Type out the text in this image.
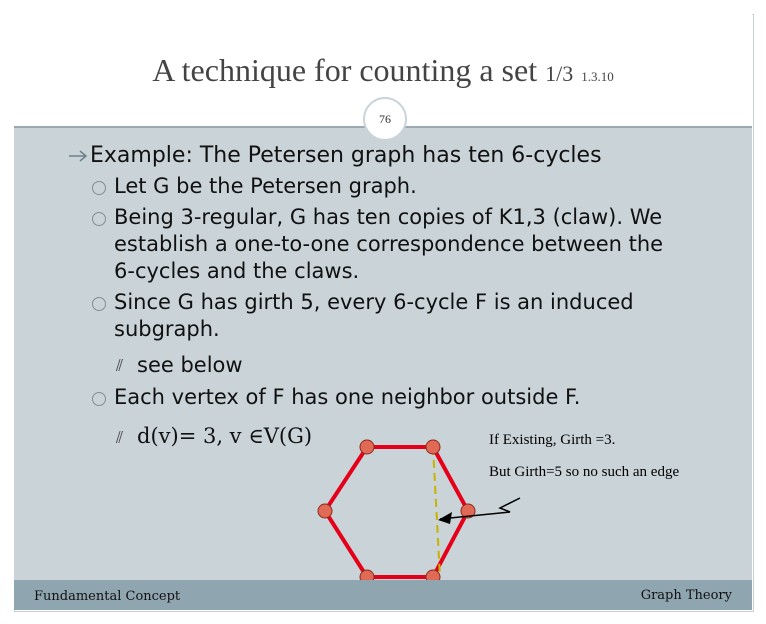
A technique for counting a set 1/3 1.3.10
76
Example: The Petersen graph has ten 6-cycles
Let G be the Petersen graph.
Being 3-regular, G has ten copies of K1,3 (claw). We
establish a one-to-one correspondence between the
6-cycles and the claws.
Since G has girth 5, every 6-cycle F is an induced
subgraph.
⫽ see below
Each vertex of F has one neighbor outside F.
⫽ d(v)= 3, v ∈V(G)	If Existing, Girth =3.
But Girth=5 so no such an edge
Fundamental Concept	Graph Theory
